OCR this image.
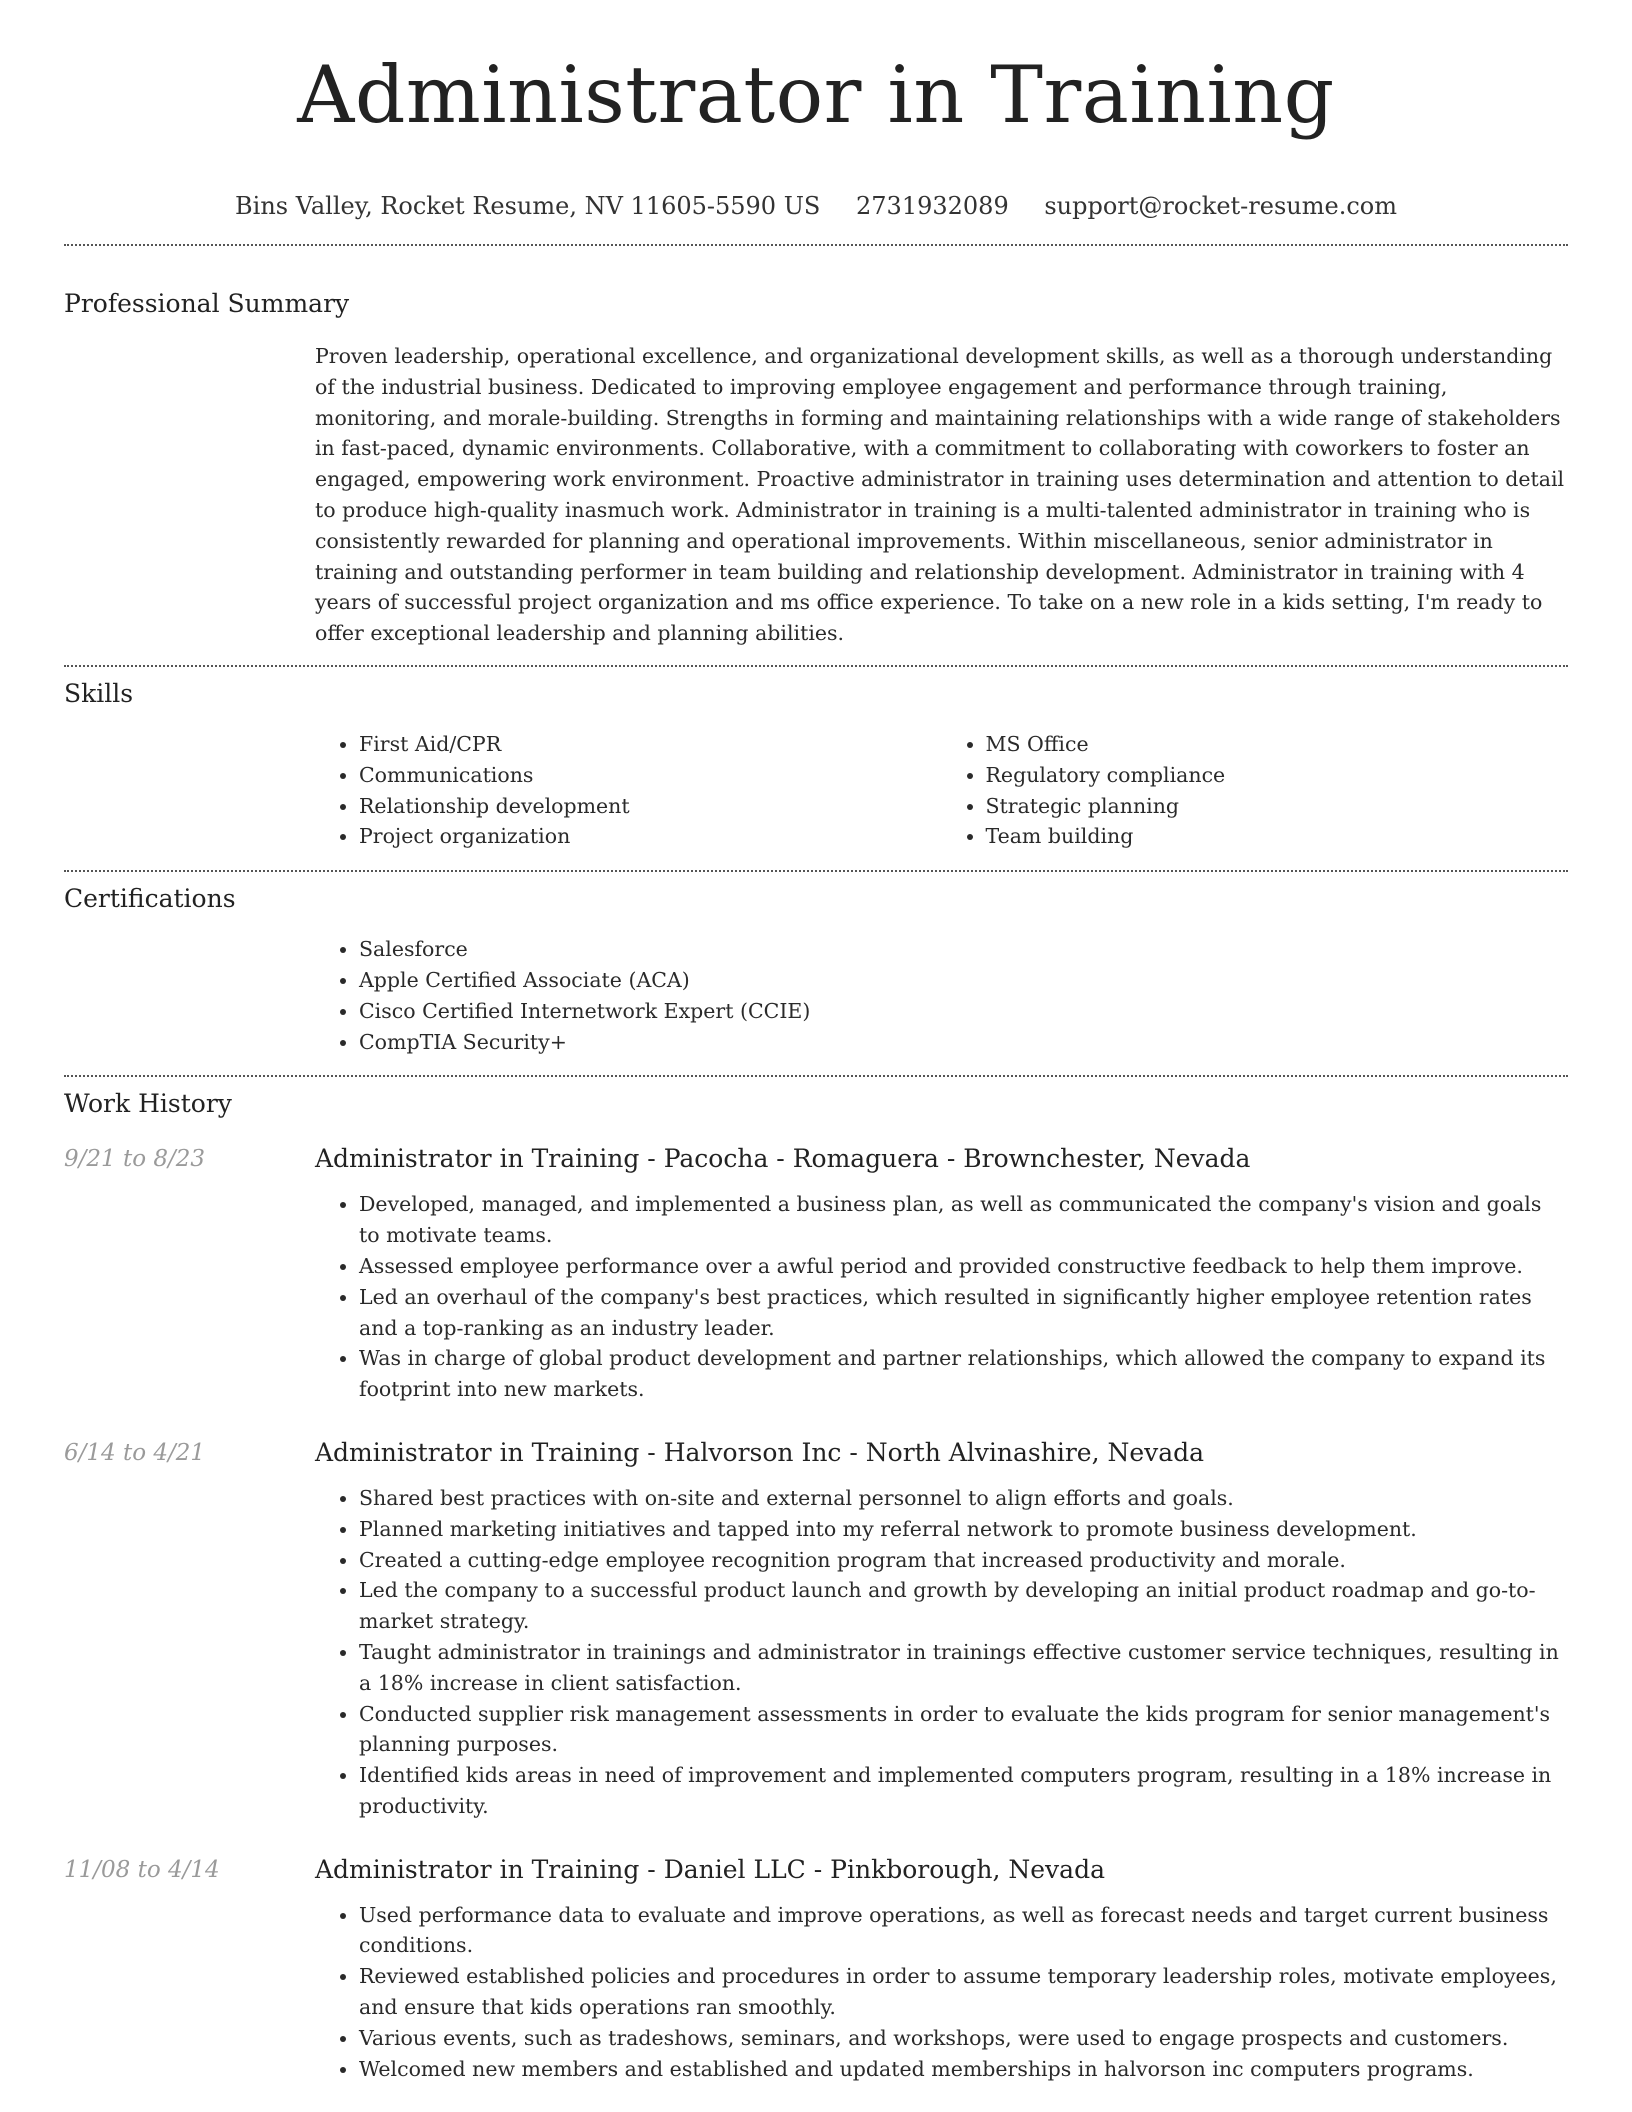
Administrator in Training
Bins Valley, Rocket Resume, NV 11605-5590 US 2731932089 support@rocket-resume.com
Professional Summary

Proven leadership, operational excellence, and organizational development skills, as well as a thorough understanding of the industrial business. Dedicated to improving employee engagement and performance through training, monitoring, and morale-building. Strengths in forming and maintaining relationships with a wide range of stakeholders in fast-paced, dynamic environments. Collaborative, with a commitment to collaborating with coworkers to foster an engaged, empowering work environment. Proactive administrator in training uses determination and attention to detail to produce high-quality inasmuch work. Administrator in training is a multi-talented administrator in training who is consistently rewarded for planning and operational improvements. Within miscellaneous, senior administrator in training and outstanding performer in team building and relationship development. Administrator in training with 4 years of successful project organization and ms office experience. To take on a new role in a kids setting, I'm ready to offer exceptional leadership and planning abilities.

Skills
• First Aid/CPR
• Communications
• Relationship development
• Project organization
• MS Office
• Regulatory compliance
• Strategic planning
• Team building
Certifications
• Salesforce
• Apple Certified Associate (ACA)
• Cisco Certified Internetwork Expert (CCIE)
• CompTIA Security+
Work History
9/21 to 8/23	Administrator in Training - Pacocha - Romaguera - Brownchester, Nevada
• Developed, managed, and implemented a business plan, as well as communicated the company's vision and goals to motivate teams.
• Assessed employee performance over a awful period and provided constructive feedback to help them improve.
• Led an overhaul of the company's best practices, which resulted in significantly higher employee retention rates and a top-ranking as an industry leader.
• Was in charge of global product development and partner relationships, which allowed the company to expand its footprint into new markets.
6/14 to 4/21	Administrator in Training - Halvorson Inc - North Alvinashire, Nevada
• Shared best practices with on-site and external personnel to align efforts and goals.
• Planned marketing initiatives and tapped into my referral network to promote business development.
• Created a cutting-edge employee recognition program that increased productivity and morale.
• Led the company to a successful product launch and growth by developing an initial product roadmap and go-to-market strategy.
• Taught administrator in trainings and administrator in trainings effective customer service techniques, resulting in a 18% increase in client satisfaction.
• Conducted supplier risk management assessments in order to evaluate the kids program for senior management's planning purposes.
• Identified kids areas in need of improvement and implemented computers program, resulting in a 18% increase in productivity.
11/08 to 4/14	Administrator in Training - Daniel LLC - Pinkborough, Nevada
• Used performance data to evaluate and improve operations, as well as forecast needs and target current business conditions.
• Reviewed established policies and procedures in order to assume temporary leadership roles, motivate employees, and ensure that kids operations ran smoothly.
• Various events, such as tradeshows, seminars, and workshops, were used to engage prospects and customers.
• Welcomed new members and established and updated memberships in halvorson inc computers programs.
